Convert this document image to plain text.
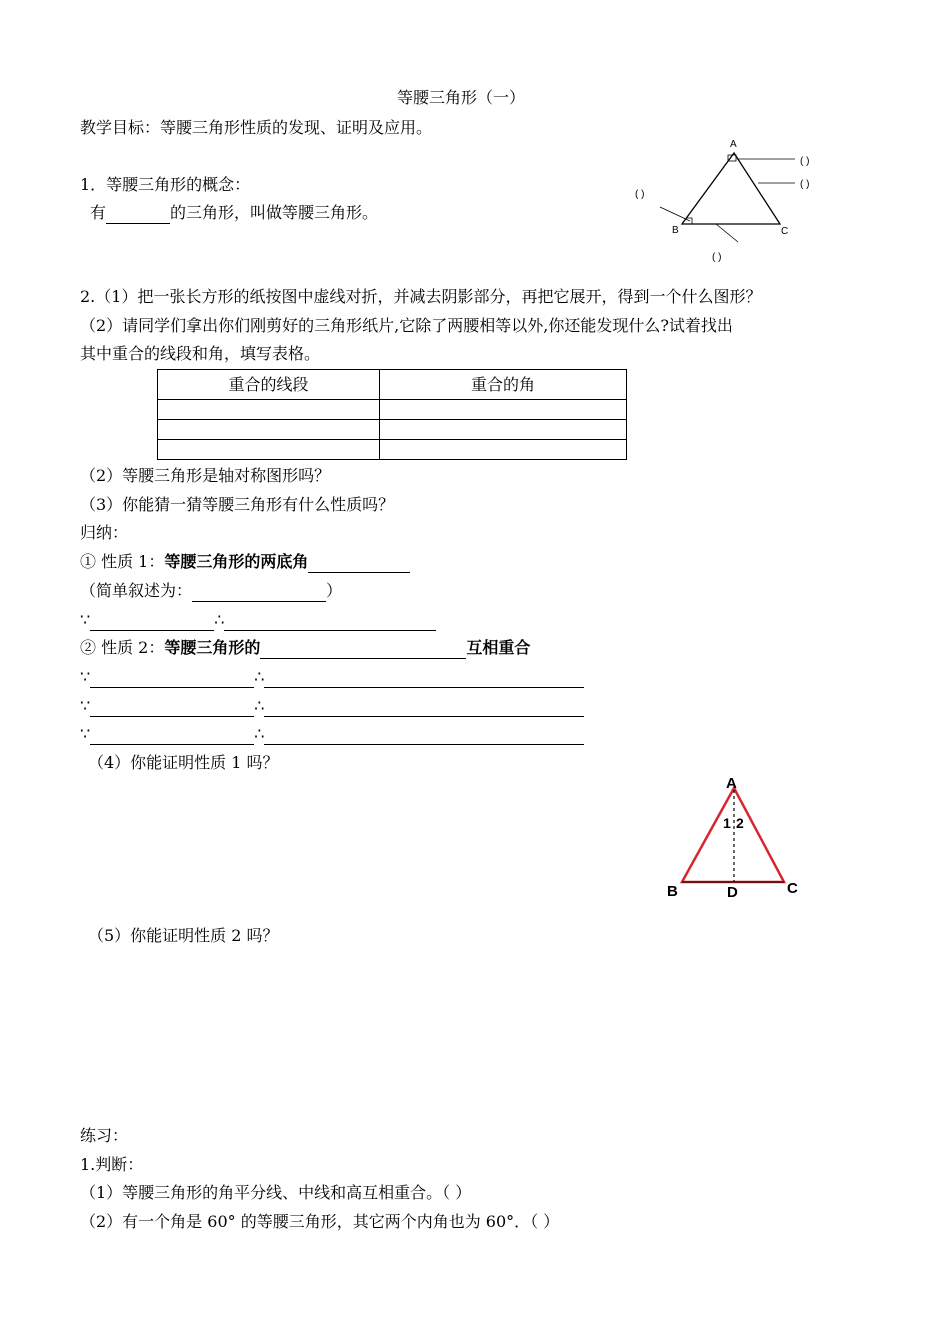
等腰三角形（一）
教学目标：等腰三角形性质的发现、证明及应用。
1．等腰三角形的概念：
有	的三角形，叫做等腰三角形。
A
B	C
( )
( )
( )
( )
2.（1）把一张长方形的纸按图中虚线对折，并减去阴影部分，再把它展开，得到一个什么图形？
（2）请同学们拿出你们刚剪好的三角形纸片,它除了两腰相等以外,你还能发现什么?试着找出
其中重合的线段和角，填写表格。
重合的线段	重合的角

（2）等腰三角形是轴对称图形吗？
（3）你能猜一猜等腰三角形有什么性质吗？
归纳：
① 性质 1：等腰三角形的两底角
（简单叙述为：	）
∵	∴
② 性质 2：等腰三角形的	互相重合
∵	∴
∵	∴
∵	∴
（4）你能证明性质 1 吗？
A
B	C
D
1 2
（5）你能证明性质 2 吗？
练习：
1.判断：
（1）等腰三角形的角平分线、中线和高互相重合。（ ）
（2）有一个角是 60° 的等腰三角形，其它两个内角也为 60°．（ ）
